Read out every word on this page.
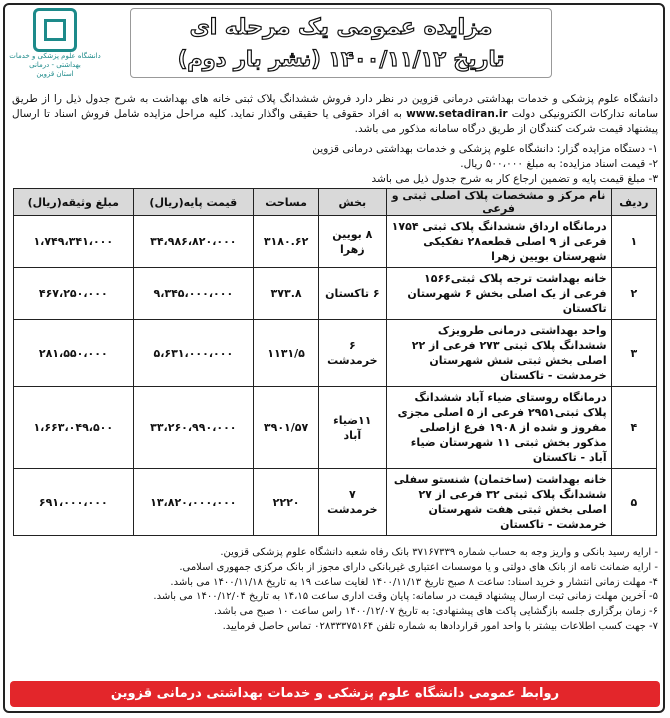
دانشگاه علوم پزشکی و خدمات
بهداشتی - درمانی
استان قزوین
مزایده عمومی یک مرحله ای
تاریخ ۱۴۰۰/۱۱/۱۲ (نشر بار دوم)
دانشگاه علوم پزشکی و خدمات بهداشتی درمانی قزوین در نظر دارد فروش ششدانگ پلاک ثبتی خانه های بهداشت به شرح جدول ذیل را از طریق سامانه تدارکات الکترونیکی دولت www.setadiran.ir به افراد حقوقی یا حقیقی واگذار نماید. کلیه مراحل مزایده شامل فروش اسناد تا ارسال پیشنهاد قیمت شرکت کنندگان از طریق درگاه سامانه مذکور می باشد.
۱- دستگاه مزایده گزار: دانشگاه علوم پزشکی و خدمات بهداشتی درمانی قزوین
۲- قیمت اسناد مزایده: به مبلغ ۵۰۰،۰۰۰ ریال.
۳- مبلغ قیمت پایه و تضمین ارجاع کار به شرح جدول ذیل می باشد
ردیف	نام مرکز و مشخصات پلاک اصلی ثبتی و فرعی	بخش	مساحت	قیمت پایه(ریال)	مبلغ وثیقه(ریال)
۱	درمانگاه ارداق ششدانگ پلاک ثبتی ۱۷۵۴ فرعی از ۹ اصلی قطعه۲۸ تفکیکی شهرستان بویین زهرا	۸ بویین زهرا	۳۱۸۰.۶۲	۳۴،۹۸۶،۸۲۰،۰۰۰	۱،۷۴۹،۳۴۱،۰۰۰
۲	خانه بهداشت ترجه پلاک ثبتی۱۵۶۶ فرعی از یک اصلی بخش ۶ شهرستان تاکستان	۶ تاکستان	۳۷۳.۸	۹،۳۴۵،۰۰۰،۰۰۰	۴۶۷،۲۵۰،۰۰۰
۳	واحد بهداشتی درمانی طرویزک ششدانگ پلاک ثبتی ۲۷۳ فرعی از ۲۲ اصلی بخش ثبتی شش شهرستان خرمدشت - تاکستان	۶ خرمدشت	۱۱۳۱/۵	۵،۶۳۱،۰۰۰،۰۰۰	۲۸۱،۵۵۰،۰۰۰
۴	درمانگاه روستای ضیاء آباد ششدانگ پلاک ثبتی۲۹۵۱ فرعی از ۵ اصلی مجزی مفروز و شده از ۱۹۰۸ فرع ازاصلی مذکور بخش ثبتی ۱۱ شهرستان ضیاء آباد - تاکستان	۱۱ضیاء آباد	۳۹۰۱/۵۷	۳۳،۲۶۰،۹۹۰،۰۰۰	۱،۶۶۳،۰۴۹،۵۰۰
۵	خانه بهداشت (ساختمان) شنستو سفلی ششدانگ پلاک ثبتی ۳۲ فرعی از ۲۷ اصلی بخش ثبتی هفت شهرستان خرمدشت - تاکستان	۷ خرمدشت	۲۲۲۰	۱۳،۸۲۰،۰۰۰،۰۰۰	۶۹۱،۰۰۰،۰۰۰
- ارایه رسید بانکی و واریز وجه به حساب شماره ۳۷۱۶۷۳۳۹ بانک رفاه شعبه دانشگاه علوم پزشکی قزوین.
- ارایه ضمانت نامه از بانک های دولتی و یا موسسات اعتباری غیربانکی دارای مجوز از بانک مرکزی جمهوری اسلامی.
۴- مهلت زمانی انتشار و خرید اسناد: ساعت ۸ صبح تاریخ ۱۴۰۰/۱۱/۱۳ لغایت ساعت ۱۹ به تاریخ ۱۴۰۰/۱۱/۱۸ می باشد.
۵- آخرین مهلت زمانی ثبت ارسال پیشنهاد قیمت در سامانه: پایان وقت اداری ساعت ۱۴،۱۵ به تاریخ ۱۴۰۰/۱۲/۰۴ می باشد.
۶- زمان برگزاری جلسه بازگشایی پاکت های پیشنهادی: به تاریخ ۱۴۰۰/۱۲/۰۷ راس ساعت ۱۰ صبح می باشد.
۷- جهت کسب اطلاعات بیشتر با واحد امور قراردادها به شماره تلفن ۰۲۸۳۳۳۷۵۱۶۴ تماس حاصل فرمایید.
روابط عمومی دانشگاه علوم پزشکی و خدمات بهداشتی درمانی قزوین
